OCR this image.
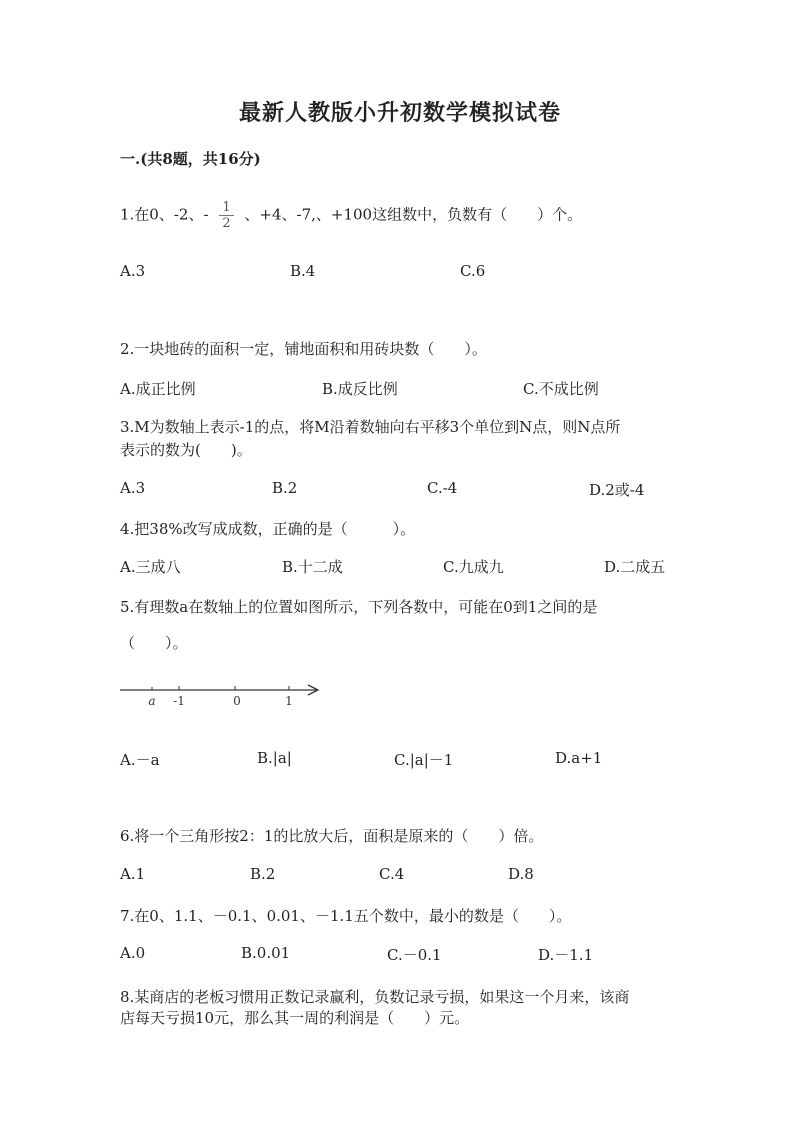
最新人教版小升初数学模拟试卷
一.(共8题，共16分)
1.在0、-2、- $\frac{1}{2}$ 、+4、-7,、+100这组数中，负数有（　　）个。
A.3	B.4	C.6
2.一块地砖的面积一定，铺地面积和用砖块数（　　）。
A.成正比例	B.成反比例	C.不成比例
3.M为数轴上表示-1的点，将M沿着数轴向右平移3个单位到N点，则N点所
表示的数为(　　)。
A.3	B.2	C.-4	D.2或-4
4.把38%改写成成数，正确的是（　　　）。
A.三成八	B.十二成	C.九成九	D.二成五
5.有理数a在数轴上的位置如图所示，下列各数中，可能在0到1之间的是
（　　）。
a -1	0	1
A.－a	B.|a|	C.|a|－1	D.a+1
6.将一个三角形按2：1的比放大后，面积是原来的（　　）倍。
A.1	B.2	C.4	D.8
7.在0、1.1、－0.1、0.01、－1.1五个数中，最小的数是（　　）。
A.0	B.0.01	C.－0.1	D.－1.1
8.某商店的老板习惯用正数记录赢利，负数记录亏损，如果这一个月来，该商
店每天亏损10元，那么其一周的利润是（　　）元。
